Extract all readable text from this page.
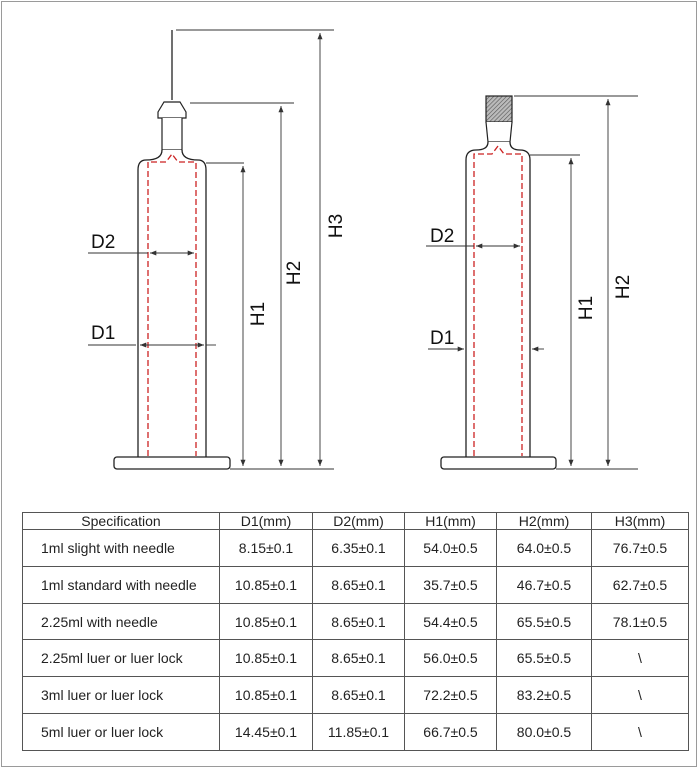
H3
H2
H1
D2
D1
H2
H1
D2
D1
Specification	D1(mm)	D2(mm)	H1(mm)	H2(mm)	H3(mm)
1ml slight with needle	8.15±0.1	6.35±0.1	54.0±0.5	64.0±0.5	76.7±0.5
1ml standard with needle	10.85±0.1	8.65±0.1	35.7±0.5	46.7±0.5	62.7±0.5
2.25ml with needle	10.85±0.1	8.65±0.1	54.4±0.5	65.5±0.5	78.1±0.5
2.25ml luer or luer lock	10.85±0.1	8.65±0.1	56.0±0.5	65.5±0.5	\
3ml luer or luer lock	10.85±0.1	8.65±0.1	72.2±0.5	83.2±0.5	\
5ml luer or luer lock	14.45±0.1	11.85±0.1	66.7±0.5	80.0±0.5	\
